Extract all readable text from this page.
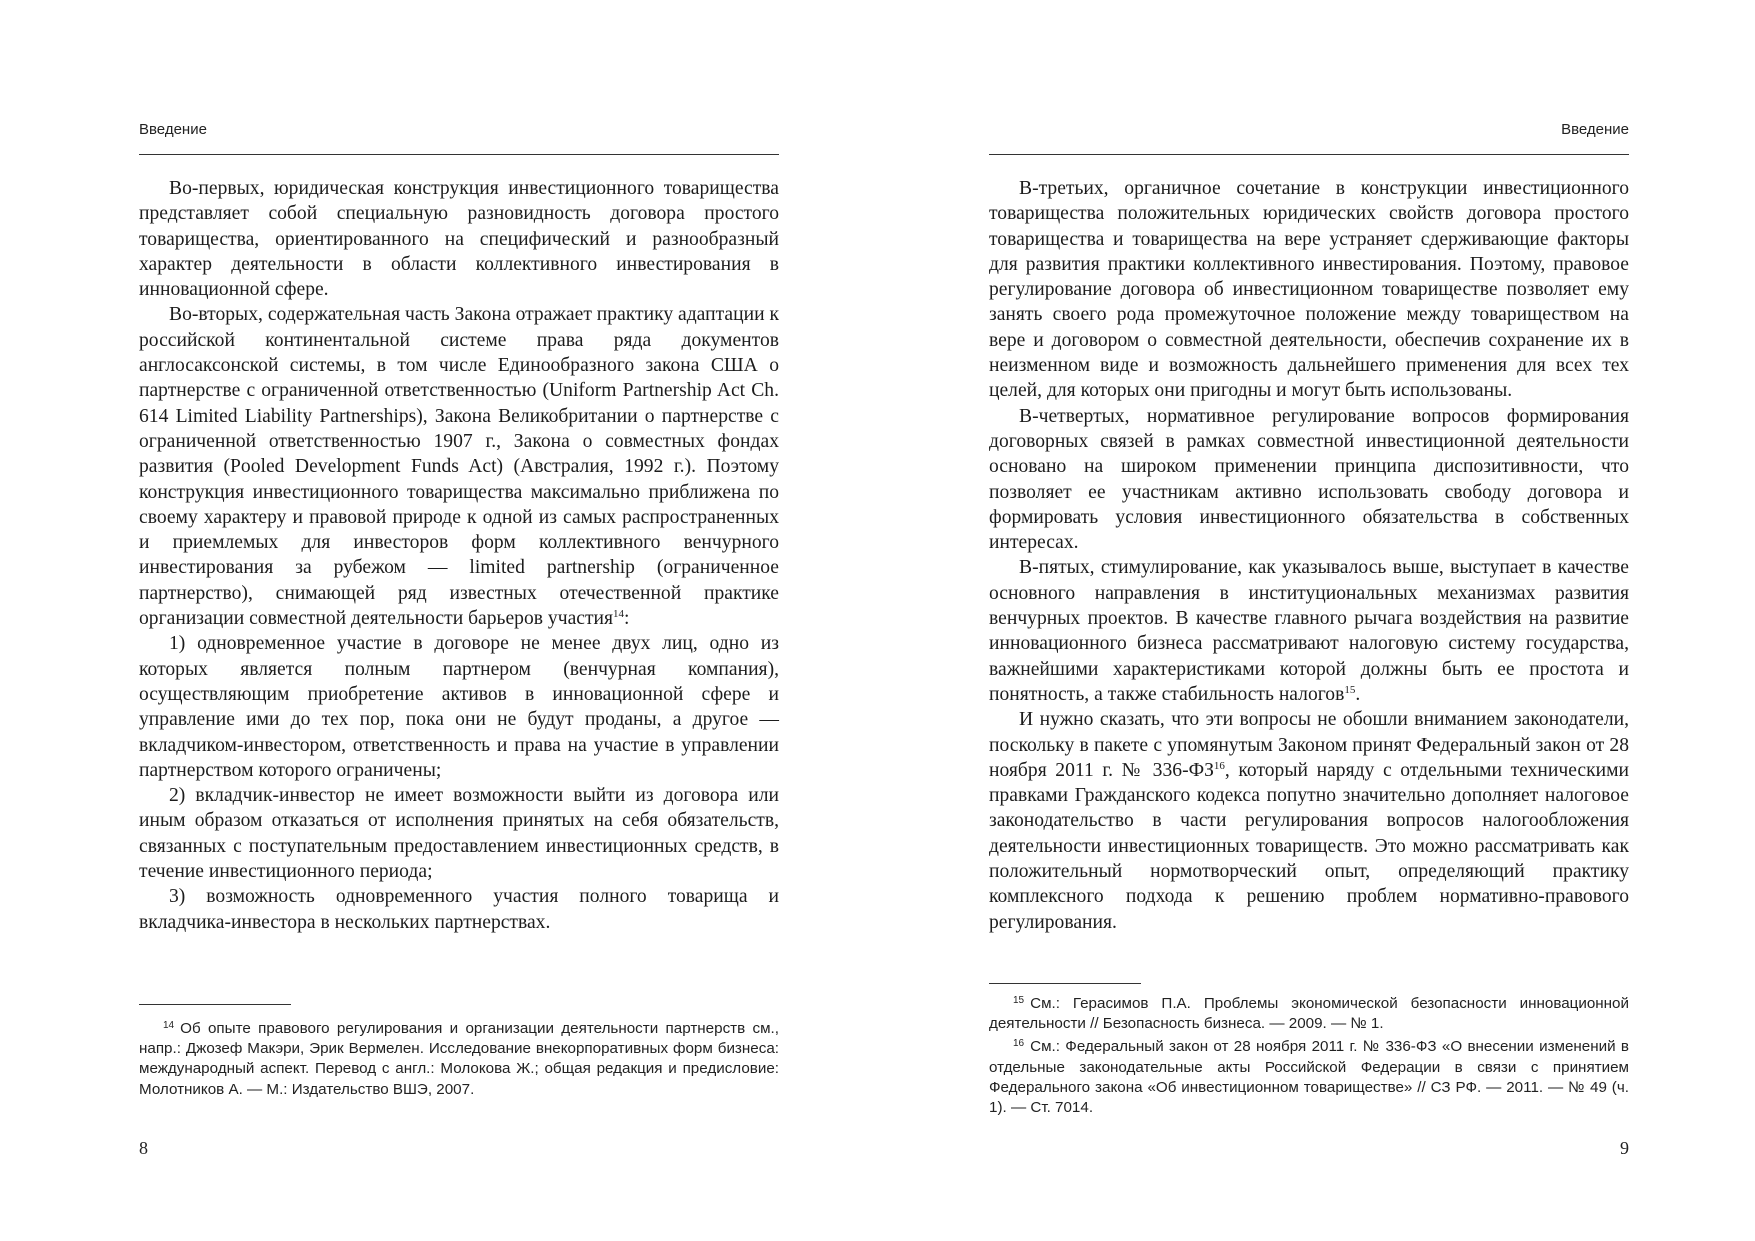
Введение

Во-первых, юридическая конструкция инвестиционного товарищества представляет собой специальную разновидность договора простого товарищества, ориентированного на специфический и разнообразный характер деятельности в области коллективного инвестирования в инновационной сфере.

Во-вторых, содержательная часть Закона отражает практику адаптации к российской континентальной системе права ряда документов англосаксонской системы, в том числе Единообразного закона США о партнерстве с ограниченной ответственностью (Uniform Partnership Act Ch. 614 Limited Liability Partnerships), Закона Великобритании о партнерстве с ограниченной ответственностью 1907 г., Закона о совместных фондах развития (Pooled Development Funds Act) (Австралия, 1992 г.). Поэтому конструкция инвестиционного товарищества максимально приближена по своему характеру и правовой природе к одной из самых распространенных и приемлемых для инвесторов форм коллективного венчурного инвестирования за рубежом — limited partnership (ограниченное партнерство), снимающей ряд известных отечественной практике организации совместной деятельности барьеров участия$^{14}$:

1) одновременное участие в договоре не менее двух лиц, одно из которых является полным партнером (венчурная компания), осуществляющим приобретение активов в инновационной сфере и управление ими до тех пор, пока они не будут проданы, а другое — вкладчиком-инвестором, ответственность и права на участие в управлении партнерством которого ограничены;

2) вкладчик-инвестор не имеет возможности выйти из договора или иным образом отказаться от исполнения принятых на себя обязательств, связанных с поступательным предоставлением инвестиционных средств, в течение инвестиционного периода;

3) возможность одновременного участия полного товарища и вкладчика-инвестора в нескольких партнерствах.

$^{14}$ Об опыте правового регулирования и организации деятельности партнерств см., напр.: Джозеф Макэри, Эрик Вермелен. Исследование внекорпоративных форм бизнеса: международный аспект. Перевод с англ.: Молокова Ж.; общая редакция и предисловие: Молотников А. — М.: Издательство ВШЭ, 2007.

8
Введение

В-третьих, органичное сочетание в конструкции инвестиционного товарищества положительных юридических свойств договора простого товарищества и товарищества на вере устраняет сдерживающие факторы для развития практики коллективного инвестирования. Поэтому, правовое регулирование договора об инвестиционном товариществе позволяет ему занять своего рода промежуточное положение между товариществом на вере и договором о совместной деятельности, обеспечив сохранение их в неизменном виде и возможность дальнейшего применения для всех тех целей, для которых они пригодны и могут быть использованы.

В-четвертых, нормативное регулирование вопросов формирования договорных связей в рамках совместной инвестиционной деятельности основано на широком применении принципа диспозитивности, что позволяет ее участникам активно использовать свободу договора и формировать условия инвестиционного обязательства в собственных интересах.

В-пятых, стимулирование, как указывалось выше, выступает в качестве основного направления в институциональных механизмах развития венчурных проектов. В качестве главного рычага воздействия на развитие инновационного бизнеса рассматривают налоговую систему государства, важнейшими характеристиками которой должны быть ее простота и понятность, а также стабильность налогов$^{15}$.

И нужно сказать, что эти вопросы не обошли вниманием законодатели, поскольку в пакете с упомянутым Законом принят Федеральный закон от 28 ноября 2011 г. № 336-ФЗ$^{16}$, который наряду с отдельными техническими правками Гражданского кодекса попутно значительно дополняет налоговое законодательство в части регулирования вопросов налогообложения деятельности инвестиционных товариществ. Это можно рассматривать как положительный нормотворческий опыт, определяющий практику комплексного подхода к решению проблем нормативно-правового регулирования.

$^{15}$ См.: Герасимов П.А. Проблемы экономической безопасности инновационной деятельности // Безопасность бизнеса. — 2009. — № 1.

$^{16}$ См.: Федеральный закон от 28 ноября 2011 г. № 336-ФЗ «О внесении изменений в отдельные законодательные акты Российской Федерации в связи с принятием Федерального закона «Об инвестиционном товариществе» // СЗ РФ. — 2011. — № 49 (ч. 1). — Ст. 7014.

9
